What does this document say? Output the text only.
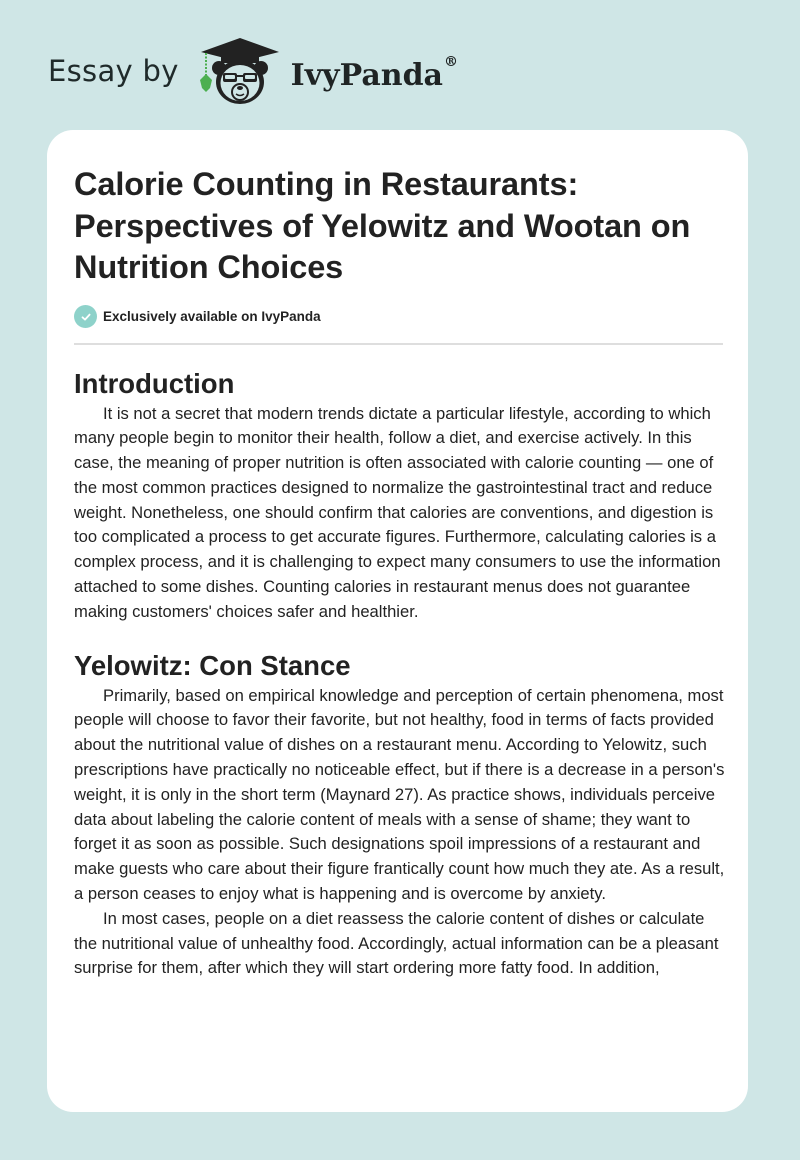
Essay by	IvyPanda®
Calorie Counting in Restaurants: Perspectives of Yelowitz and Wootan on Nutrition Choices
Exclusively available on IvyPanda
Introduction

It is not a secret that modern trends dictate a particular lifestyle, according to which many people begin to monitor their health, follow a diet, and exercise actively. In this case, the meaning of proper nutrition is often associated with calorie counting — one of the most common practices designed to normalize the gastrointestinal tract and reduce weight. Nonetheless, one should confirm that calories are conventions, and digestion is too complicated a process to get accurate figures. Furthermore, calculating calories is a complex process, and it is challenging to expect many consumers to use the information attached to some dishes. Counting calories in restaurant menus does not guarantee making customers' choices safer and healthier.

Yelowitz: Con Stance

Primarily, based on empirical knowledge and perception of certain phenomena, most people will choose to favor their favorite, but not healthy, food in terms of facts provided about the nutritional value of dishes on a restaurant menu. According to Yelowitz, such prescriptions have practically no noticeable effect, but if there is a decrease in a person's weight, it is only in the short term (Maynard 27). As practice shows, individuals perceive data about labeling the calorie content of meals with a sense of shame; they want to forget it as soon as possible. Such designations spoil impressions of a restaurant and make guests who care about their figure frantically count how much they ate. As a result, a person ceases to enjoy what is happening and is overcome by anxiety.

In most cases, people on a diet reassess the calorie content of dishes or calculate the nutritional value of unhealthy food. Accordingly, actual information can be a pleasant surprise for them, after which they will start ordering more fatty food. In addition,
